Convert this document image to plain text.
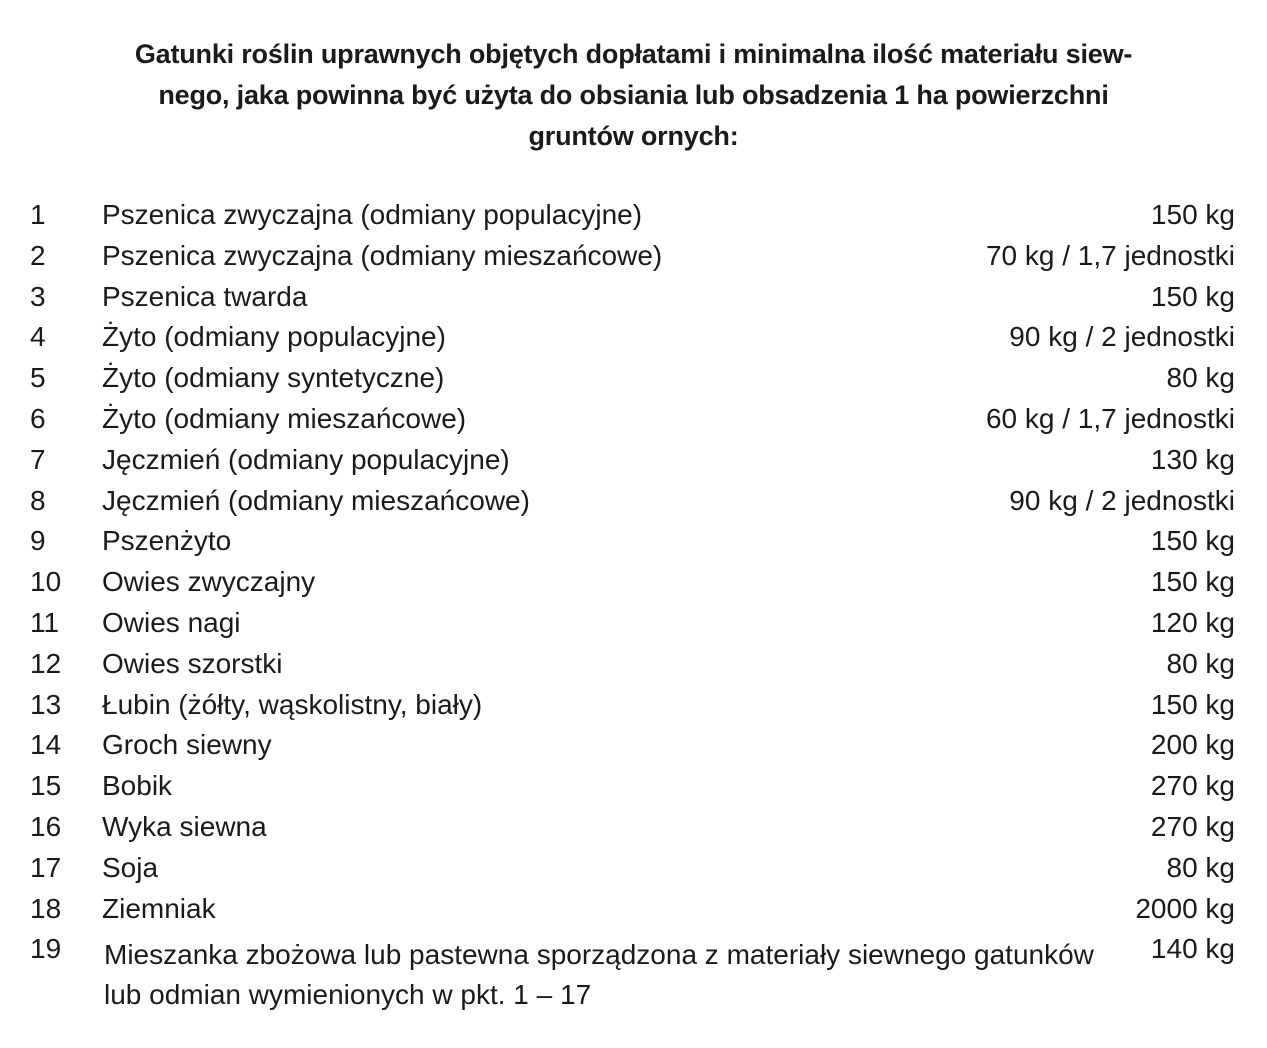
Gatunki roślin uprawnych objętych dopłatami i minimalna ilość materiału siew-
nego, jaka powinna być użyta do obsiania lub obsadzenia 1 ha powierzchni
gruntów ornych:
1 Pszenica zwyczajna (odmiany populacyjne)	150 kg
2 Pszenica zwyczajna (odmiany mieszańcowe)	70 kg / 1,7 jednostki
3 Pszenica twarda	150 kg
4 Żyto (odmiany populacyjne)	90 kg / 2 jednostki
5 Żyto (odmiany syntetyczne)	80 kg
6 Żyto (odmiany mieszańcowe)	60 kg / 1,7 jednostki
7 Jęczmień (odmiany populacyjne)	130 kg
8 Jęczmień (odmiany mieszańcowe)	90 kg / 2 jednostki
9 Pszenżyto	150 kg
10 Owies zwyczajny	150 kg
11 Owies nagi	120 kg
12 Owies szorstki	80 kg
13 Łubin (żółty, wąskolistny, biały)	150 kg
14 Groch siewny	200 kg
15 Bobik	270 kg
16 Wyka siewna	270 kg
17 Soja	80 kg
18 Ziemniak	2000 kg
19 Mieszanka zbożowa lub pastewna sporządzona z materiały siewnego gatunków lub odmian wymienionych w pkt. 1 – 17
140 kg
